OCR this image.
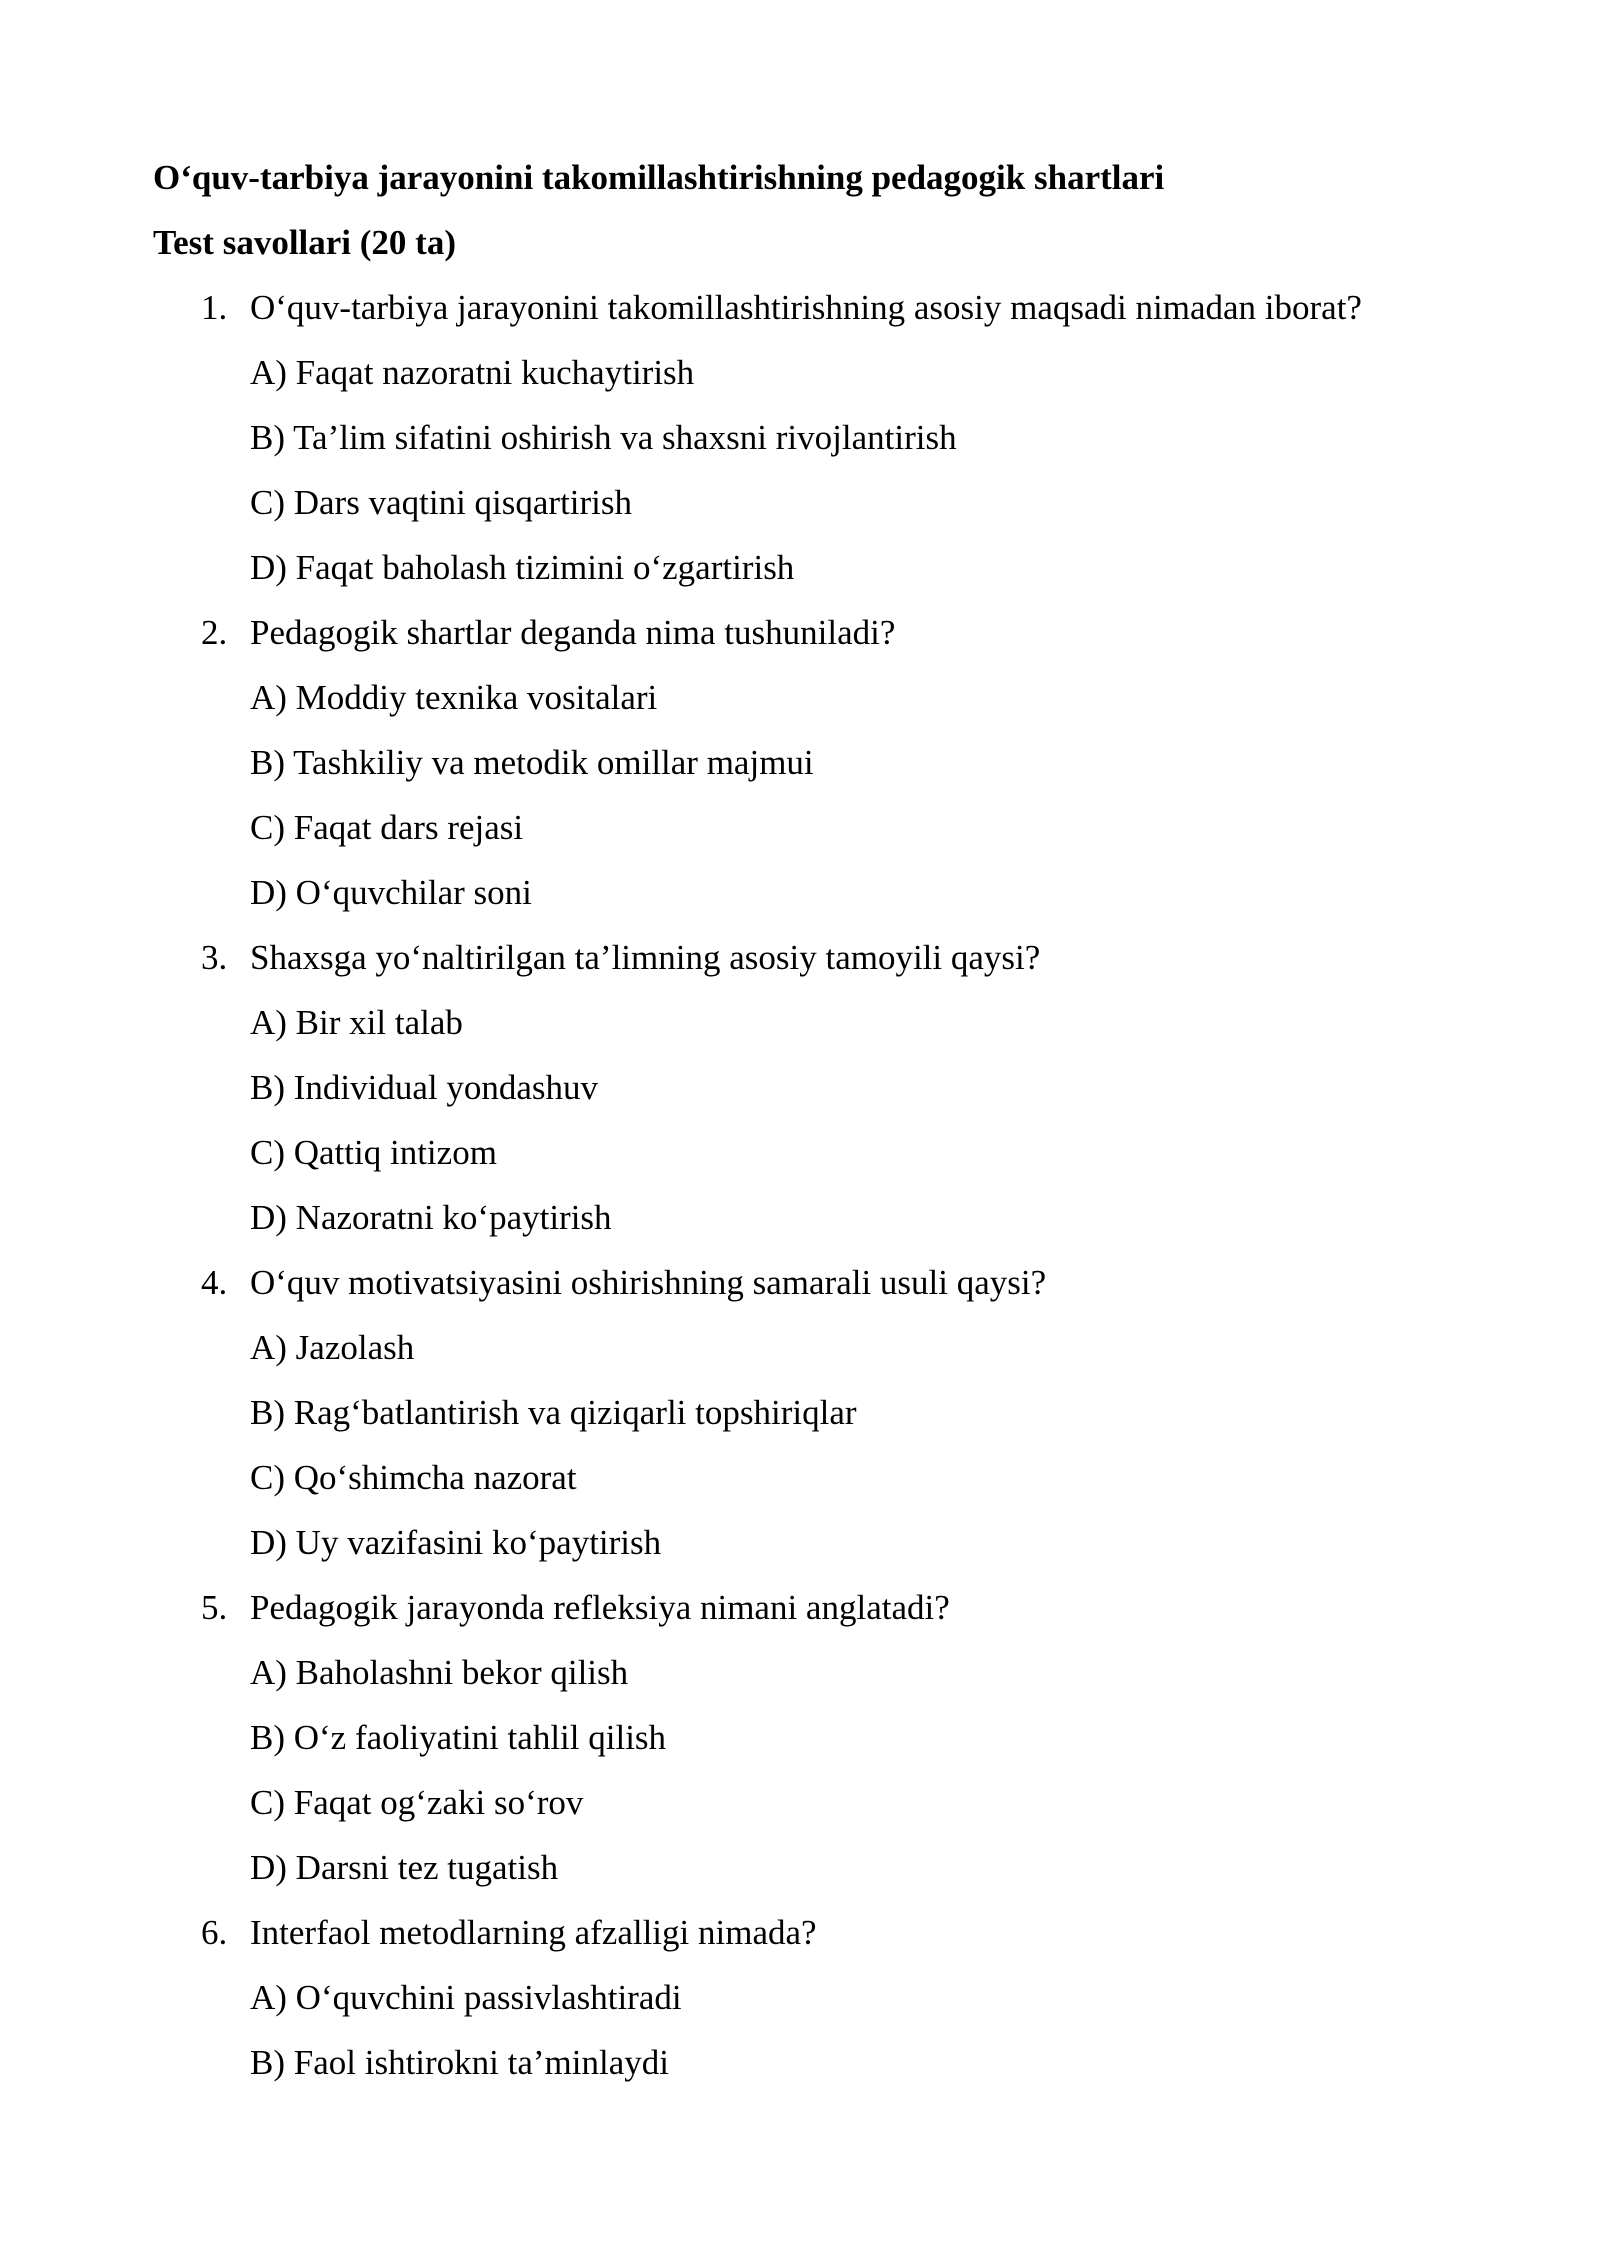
O‘quv-tarbiya jarayonini takomillashtirishning pedagogik shartlari
Test savollari (20 ta)
1. O‘quv-tarbiya jarayonini takomillashtirishning asosiy maqsadi nimadan iborat?
A) Faqat nazoratni kuchaytirish
B) Ta’lim sifatini oshirish va shaxsni rivojlantirish
C) Dars vaqtini qisqartirish
D) Faqat baholash tizimini o‘zgartirish
2. Pedagogik shartlar deganda nima tushuniladi?
A) Moddiy texnika vositalari
B) Tashkiliy va metodik omillar majmui
C) Faqat dars rejasi
D) O‘quvchilar soni
3. Shaxsga yo‘naltirilgan ta’limning asosiy tamoyili qaysi?
A) Bir xil talab
B) Individual yondashuv
C) Qattiq intizom
D) Nazoratni ko‘paytirish
4. O‘quv motivatsiyasini oshirishning samarali usuli qaysi?
A) Jazolash
B) Rag‘batlantirish va qiziqarli topshiriqlar
C) Qo‘shimcha nazorat
D) Uy vazifasini ko‘paytirish
5. Pedagogik jarayonda refleksiya nimani anglatadi?
A) Baholashni bekor qilish
B) O‘z faoliyatini tahlil qilish
C) Faqat og‘zaki so‘rov
D) Darsni tez tugatish
6. Interfaol metodlarning afzalligi nimada?
A) O‘quvchini passivlashtiradi
B) Faol ishtirokni ta’minlaydi
